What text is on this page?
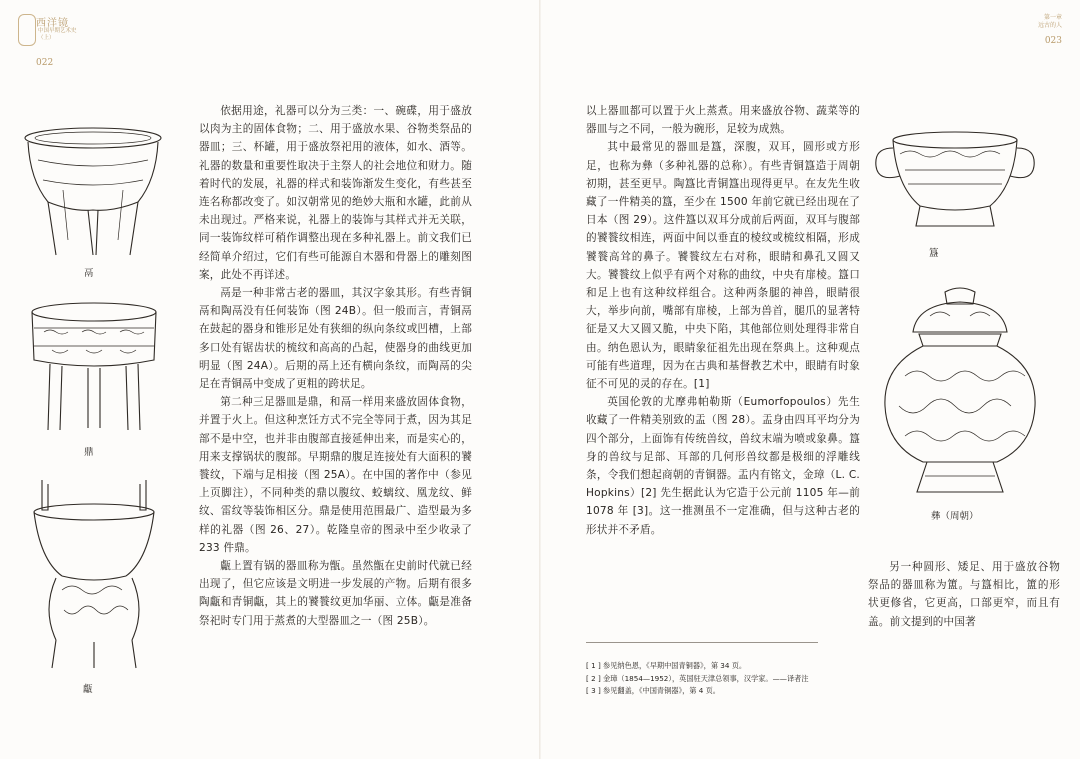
西洋镜
中国早期艺术史（上）
022
第一章
远古的人
023
鬲
鼎
甗
簋
彝（周朝）

依据用途，礼器可以分为三类：一、碗碟，用于盛放以肉为主的固体食物；二、用于盛放水果、谷物类祭品的器皿；三、杯罐，用于盛放祭祀用的液体，如水、酒等。礼器的数量和重要性取决于主祭人的社会地位和财力。随着时代的发展，礼器的样式和装饰渐发生变化，有些甚至连名称都改变了。如汉朝常见的绝妙大瓶和水罐，此前从未出现过。严格来说，礼器上的装饰与其样式并无关联，同一装饰纹样可稍作调整出现在多种礼器上。前文我们已经简单介绍过，它们有些可能源自木器和骨器上的雕刻图案，此处不再详述。

鬲是一种非常古老的器皿，其汉字象其形。有些青铜鬲和陶鬲没有任何装饰（图 24B）。但一般而言，青铜鬲在鼓起的器身和锥形足处有狭细的纵向条纹或凹槽，上部多口处有锯齿状的梳纹和高高的凸起，使器身的曲线更加明显（图 24A）。后期的鬲上还有横向条纹，而陶鬲的尖足在青铜鬲中变成了更粗的跨状足。

第二种三足器皿是鼎，和鬲一样用来盛放固体食物，并置于火上。但这种烹饪方式不完全等同于煮，因为其足部不是中空，也并非由腹部直接延伸出来，而是实心的，用来支撑锅状的腹部。早期鼎的腹足连接处有大面积的饕餮纹，下端与足相接（图 25A）。在中国的著作中（参见上页脚注），不同种类的鼎以腹纹、蛟螭纹、凰龙纹、鲜纹、雷纹等装饰相区分。鼎是使用范围最广、造型最为多样的礼器（图 26、27）。乾隆皇帝的图录中至少收录了 233 件鼎。

甗上置有锅的器皿称为甑。虽然甑在史前时代就已经出现了，但它应该是文明进一步发展的产物。后期有很多陶甗和青铜甗，其上的饕餮纹更加华丽、立体。甗是准备祭祀时专门用于蒸煮的大型器皿之一（图 25B）。

以上器皿都可以置于火上蒸煮。用来盛放谷物、蔬菜等的器皿与之不同，一般为碗形，足较为成熟。

其中最常见的器皿是簋，深腹，双耳，圆形或方形足，也称为彝（多种礼器的总称）。有些青铜簋造于周朝初期，甚至更早。陶簋比青铜簋出现得更早。在友先生收藏了一件精美的簋，至少在 1500 年前它就已经出现在了日本（图 29）。这件簋以双耳分成前后两面，双耳与腹部的饕餮纹相连，两面中间以垂直的棱纹或梳纹相隔，形成饕餮高耸的鼻子。饕餮纹左右对称，眼睛和鼻孔又圆又大。饕餮纹上似乎有两个对称的曲纹，中央有扉棱。簋口和足上也有这种纹样组合。这种两条腿的神兽，眼睛很大，举步向前，嘴部有扉棱，上部为兽首，腿爪的显著特征是又大又圆又脆，中央下陷，其他部位则处理得非常自由。纳色恩认为，眼睛象征祖先出现在祭典上。这种观点可能有些道理，因为在古典和基督教艺术中，眼睛有时象征不可见的灵的存在。[1]

英国伦敦的尤摩弗帕勒斯（Eumorfopoulos）先生收藏了一件精美别致的盂（图 28）。盂身由四耳平均分为四个部分，上面饰有传统兽纹，兽纹末端为喷或象鼻。簋身的兽纹与足部、耳部的几何形兽纹都是极细的浮雕线条，令我们想起商朝的青铜器。盂内有铭文，金璋（L. C. Hopkins）[2] 先生据此认为它造于公元前 1105 年—前 1078 年 [3]。这一推测虽不一定准确，但与这种古老的形状并不矛盾。

另一种圆形、矮足、用于盛放谷物祭品的器皿称为簠。与簋相比，簠的形状更修省，它更高，口部更窄，而且有盖。前文提到的中国著

[ 1 ] 参见纳色恩，《早期中国青铜器》，第 34 页。
[ 2 ] 金璋（1854—1952），英国驻天津总领事，汉学家。——译者注
[ 3 ] 参见翻盖，《中国青铜器》，第 4 页。
